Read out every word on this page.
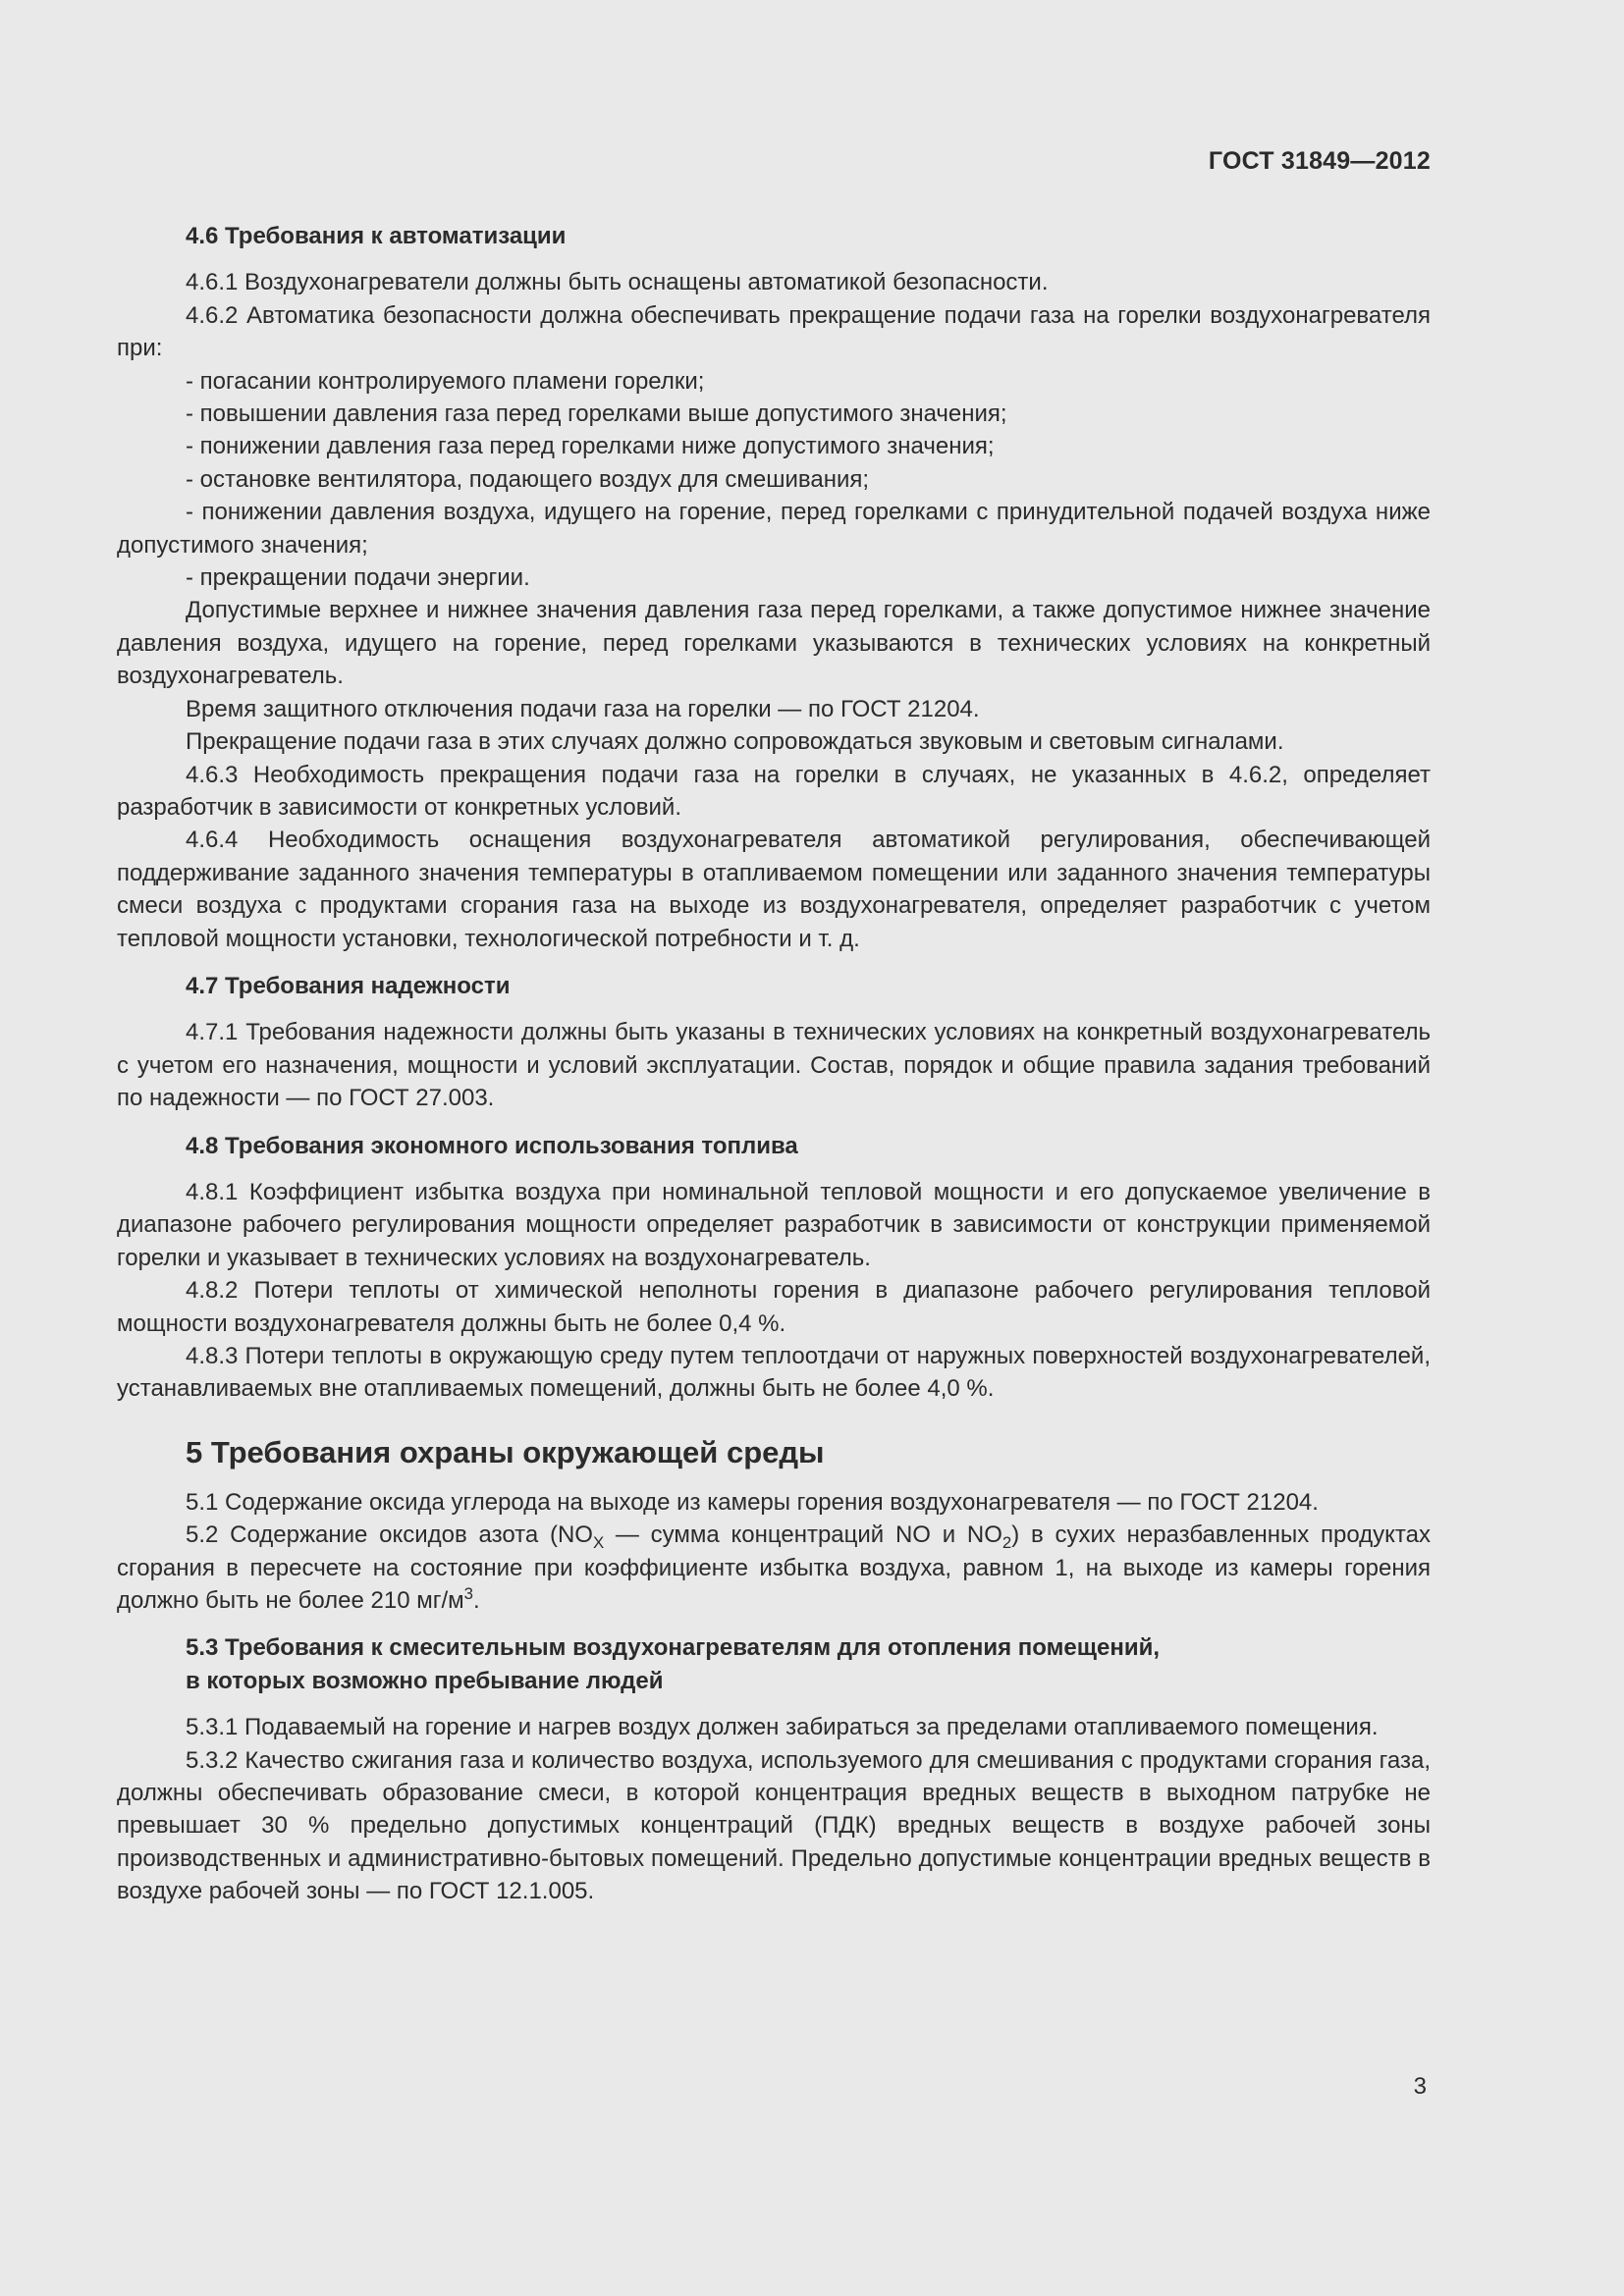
ГОСТ 31849—2012
4.6 Требования к автоматизации

4.6.1 Воздухонагреватели должны быть оснащены автоматикой безопасности.

4.6.2 Автоматика безопасности должна обеспечивать прекращение подачи газа на горелки воздухонагревателя при:

- погасании контролируемого пламени горелки;

- повышении давления газа перед горелками выше допустимого значения;

- понижении давления газа перед горелками ниже допустимого значения;

- остановке вентилятора, подающего воздух для смешивания;

- понижении давления воздуха, идущего на горение, перед горелками с принудительной подачей воздуха ниже допустимого значения;

- прекращении подачи энергии.

Допустимые верхнее и нижнее значения давления газа перед горелками, а также допустимое нижнее значение давления воздуха, идущего на горение, перед горелками указываются в технических условиях на конкретный воздухонагреватель.

Время защитного отключения подачи газа на горелки — по ГОСТ 21204.

Прекращение подачи газа в этих случаях должно сопровождаться звуковым и световым сигналами.

4.6.3 Необходимость прекращения подачи газа на горелки в случаях, не указанных в 4.6.2, определяет разработчик в зависимости от конкретных условий.

4.6.4 Необходимость оснащения воздухонагревателя автоматикой регулирования, обеспечивающей поддерживание заданного значения температуры в отапливаемом помещении или заданного значения температуры смеси воздуха с продуктами сгорания газа на выходе из воздухонагревателя, определяет разработчик с учетом тепловой мощности установки, технологической потребности и т. д.

4.7 Требования надежности

4.7.1 Требования надежности должны быть указаны в технических условиях на конкретный воздухонагреватель с учетом его назначения, мощности и условий эксплуатации. Состав, порядок и общие правила задания требований по надежности — по ГОСТ 27.003.

4.8 Требования экономного использования топлива

4.8.1 Коэффициент избытка воздуха при номинальной тепловой мощности и его допускаемое увеличение в диапазоне рабочего регулирования мощности определяет разработчик в зависимости от конструкции применяемой горелки и указывает в технических условиях на воздухонагреватель.

4.8.2 Потери теплоты от химической неполноты горения в диапазоне рабочего регулирования тепловой мощности воздухонагревателя должны быть не более 0,4 %.

4.8.3 Потери теплоты в окружающую среду путем теплоотдачи от наружных поверхностей воздухонагревателей, устанавливаемых вне отапливаемых помещений, должны быть не более 4,0 %.

5 Требования охраны окружающей среды

5.1 Содержание оксида углерода на выходе из камеры горения воздухонагревателя — по ГОСТ 21204.

5.2 Содержание оксидов азота ($NO_X$ — сумма концентраций NO и $NO_2$) в сухих неразбавленных продуктах сгорания в пересчете на состояние при коэффициенте избытка воздуха, равном 1, на выходе из камеры горения должно быть не более 210 $мг/м^3$.

5.3 Требования к смесительным воздухонагревателям для отопления помещений,
в которых возможно пребывание людей

5.3.1 Подаваемый на горение и нагрев воздух должен забираться за пределами отапливаемого помещения.

5.3.2 Качество сжигания газа и количество воздуха, используемого для смешивания с продуктами сгорания газа, должны обеспечивать образование смеси, в которой концентрация вредных веществ в выходном патрубке не превышает 30 % предельно допустимых концентраций (ПДК) вредных веществ в воздухе рабочей зоны производственных и административно-бытовых помещений. Предельно допустимые концентрации вредных веществ в воздухе рабочей зоны — по ГОСТ 12.1.005.

3
